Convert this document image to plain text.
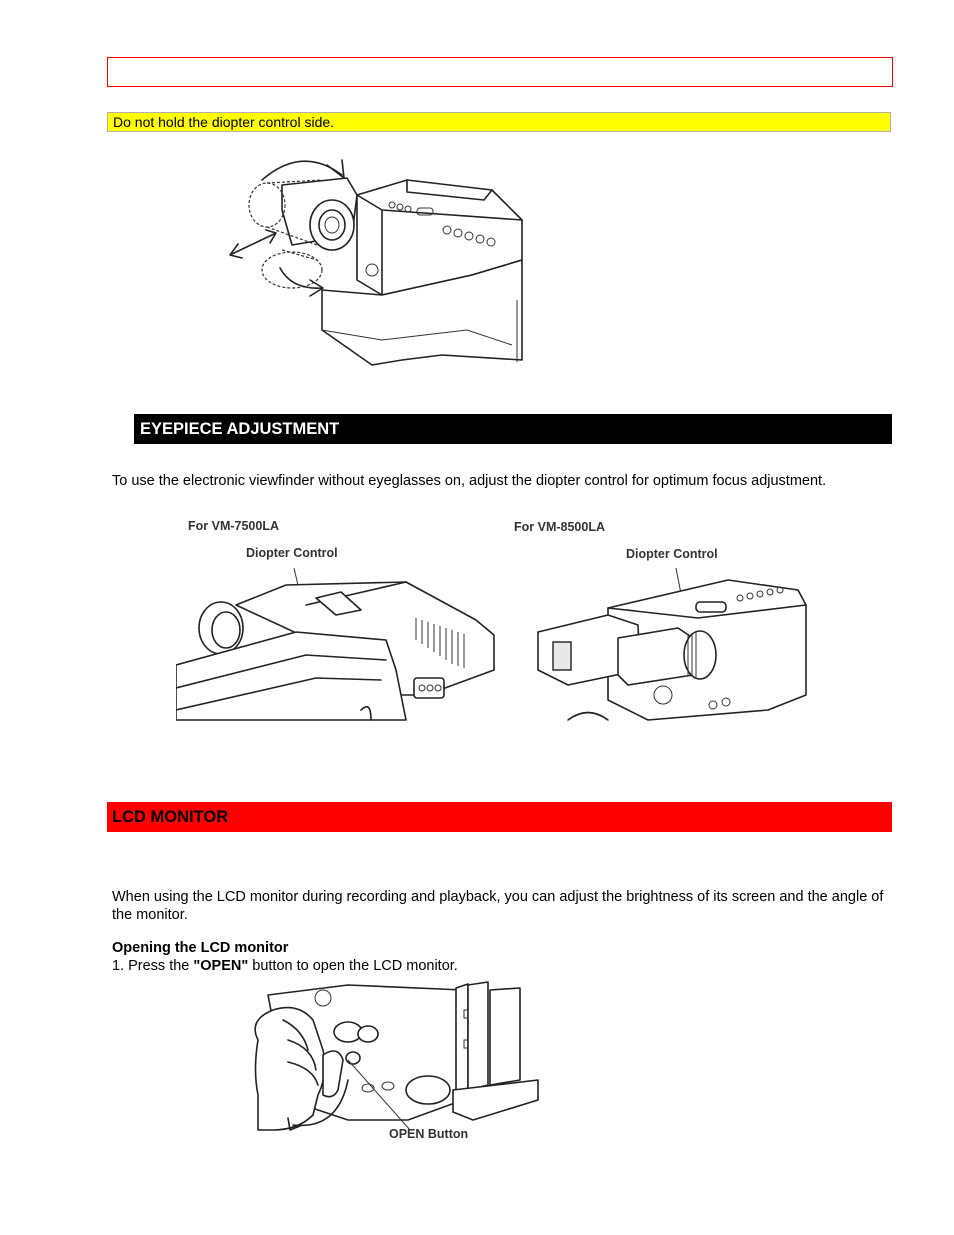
Do not hold the diopter control side.
EYEPIECE ADJUSTMENT
To use the electronic viewfinder without eyeglasses on, adjust the diopter control for optimum focus adjustment.
For VM-7500LA
Diopter Control
For VM-8500LA
Diopter Control
LCD MONITOR
When using the LCD monitor during recording and playback, you can adjust the brightness of its screen and the angle of the monitor.
Opening the LCD monitor
1. Press the "OPEN" button to open the LCD monitor.
OPEN Button
